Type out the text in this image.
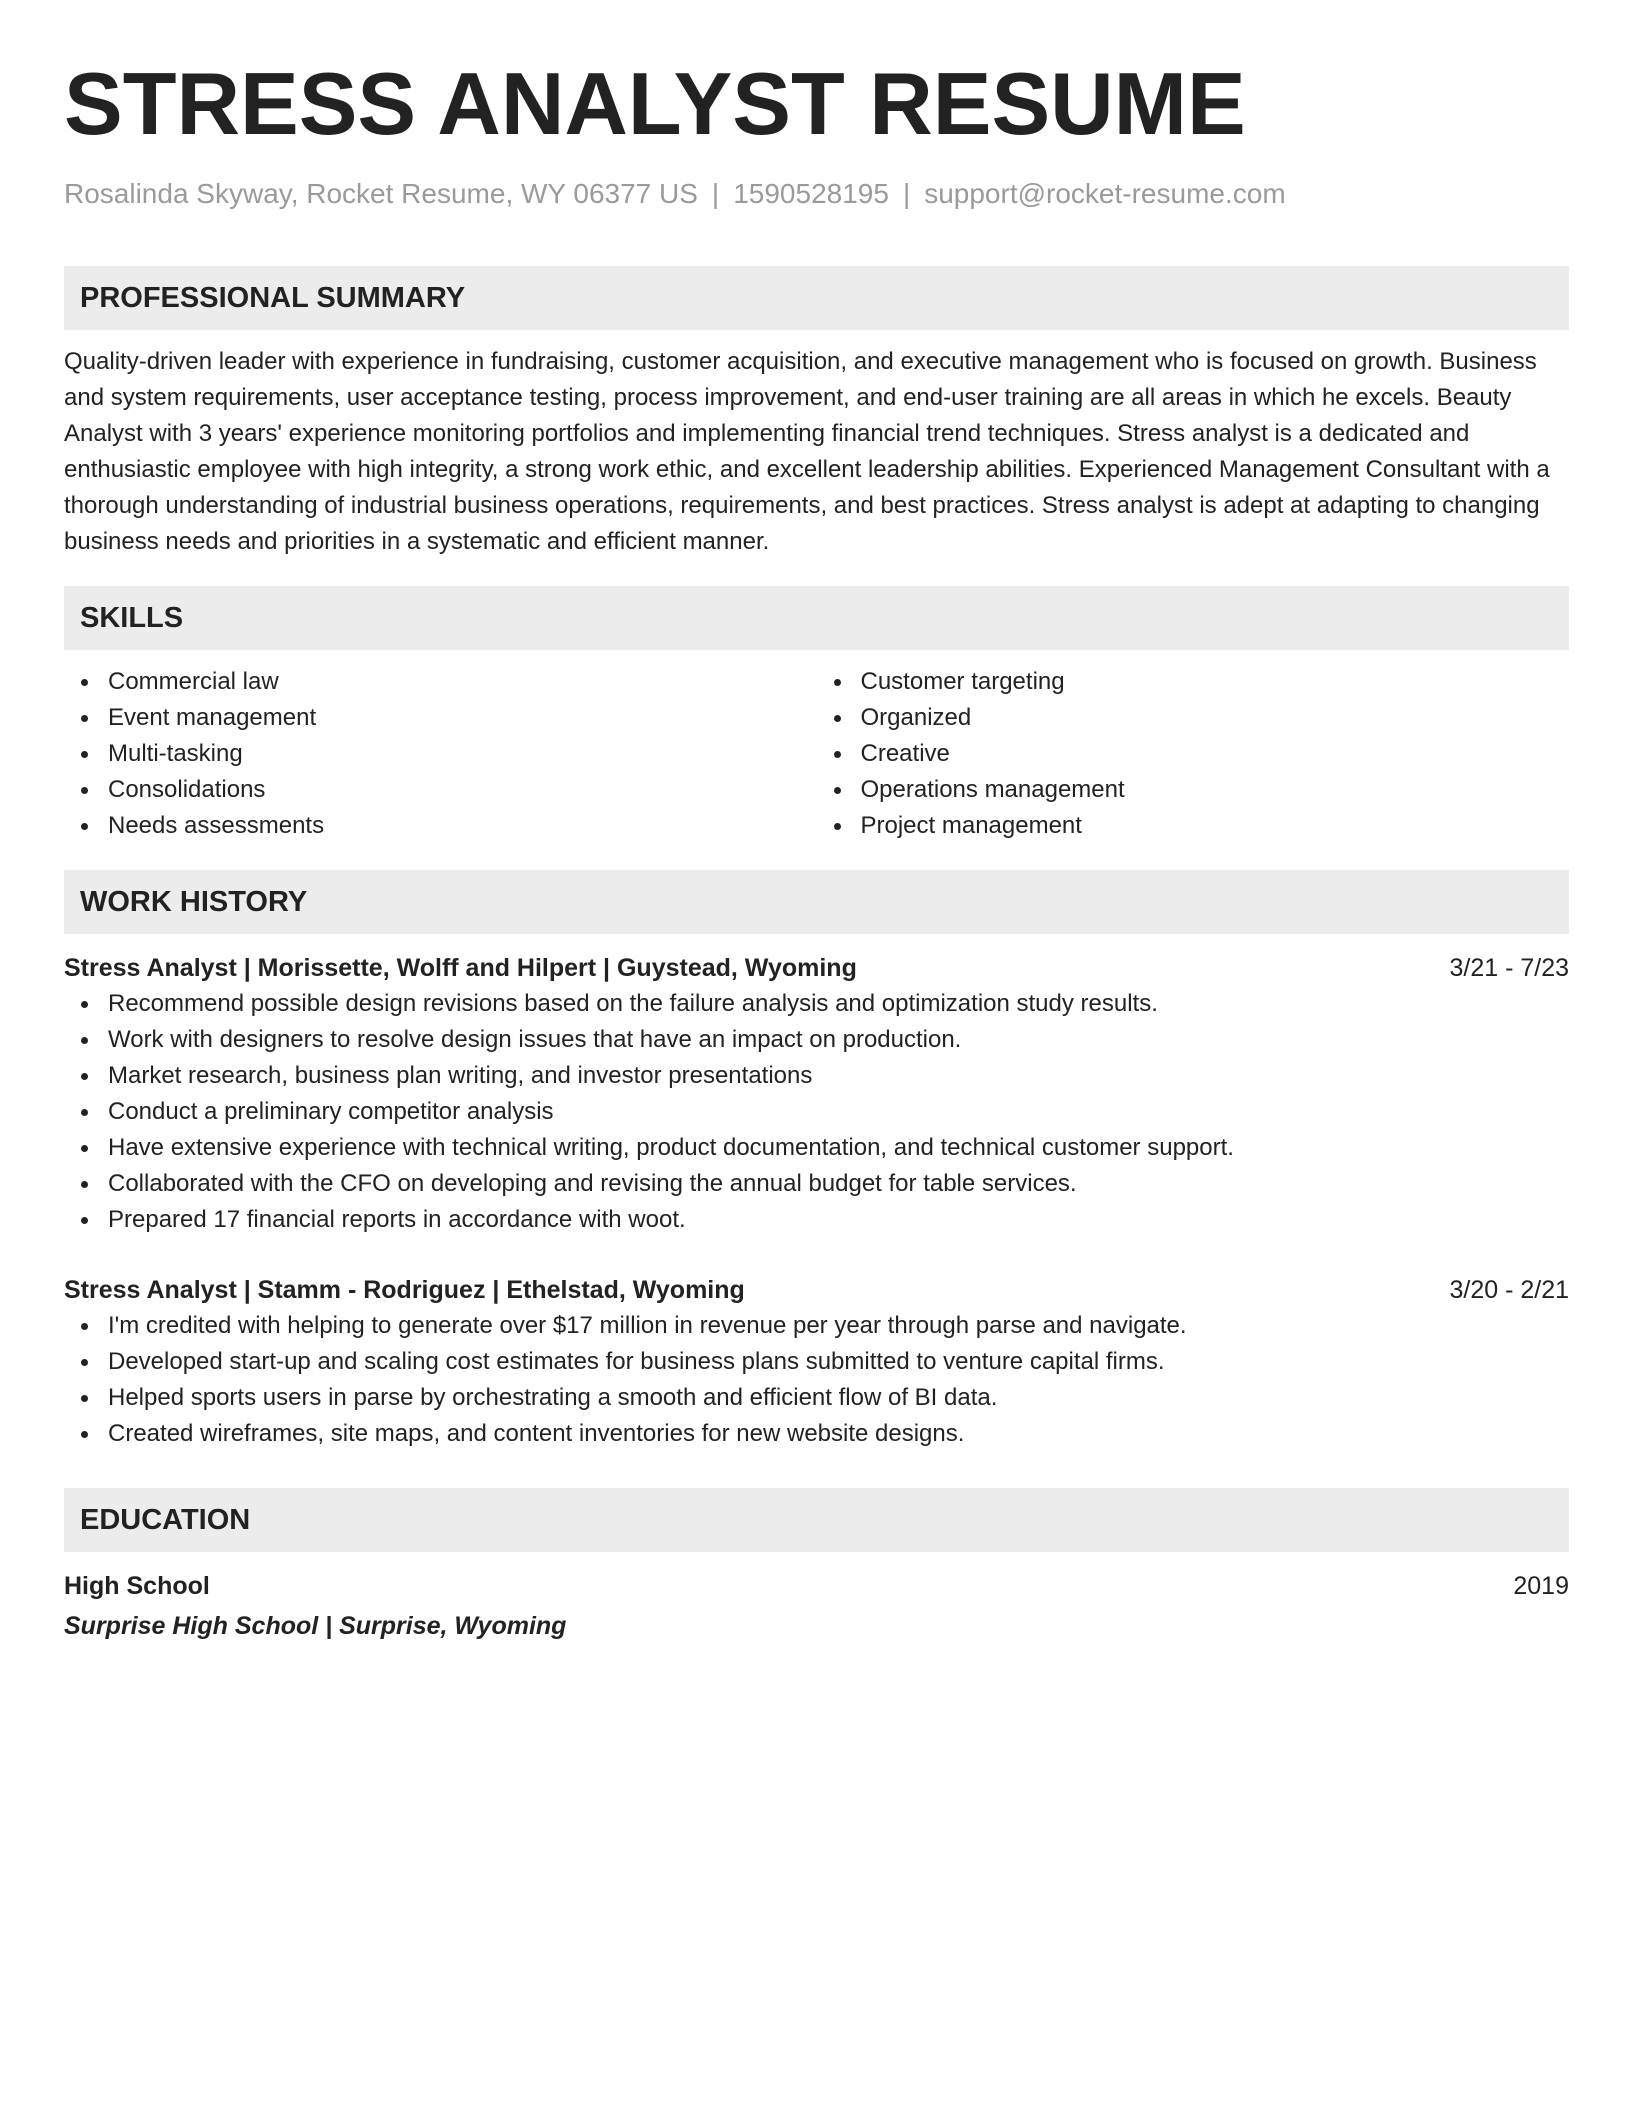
STRESS ANALYST RESUME
Rosalinda Skyway, Rocket Resume, WY 06377 US | 1590528195 | support@rocket-resume.com
PROFESSIONAL SUMMARY

Quality-driven leader with experience in fundraising, customer acquisition, and executive management who is focused on growth. Business and system requirements, user acceptance testing, process improvement, and end-user training are all areas in which he excels. Beauty Analyst with 3 years' experience monitoring portfolios and implementing financial trend techniques. Stress analyst is a dedicated and enthusiastic employee with high integrity, a strong work ethic, and excellent leadership abilities. Experienced Management Consultant with a thorough understanding of industrial business operations, requirements, and best practices. Stress analyst is adept at adapting to changing business needs and priorities in a systematic and efficient manner.

SKILLS
Commercial law
Event management
Multi-tasking
Consolidations
Needs assessments
Customer targeting
Organized
Creative
Operations management
Project management
WORK HISTORY
Stress Analyst | Morissette, Wolff and Hilpert | Guystead, Wyoming	3/21 - 7/23
Recommend possible design revisions based on the failure analysis and optimization study results.
Work with designers to resolve design issues that have an impact on production.
Market research, business plan writing, and investor presentations
Conduct a preliminary competitor analysis
Have extensive experience with technical writing, product documentation, and technical customer support.
Collaborated with the CFO on developing and revising the annual budget for table services.
Prepared 17 financial reports in accordance with woot.
Stress Analyst | Stamm - Rodriguez | Ethelstad, Wyoming	3/20 - 2/21
I'm credited with helping to generate over $17 million in revenue per year through parse and navigate.
Developed start-up and scaling cost estimates for business plans submitted to venture capital firms.
Helped sports users in parse by orchestrating a smooth and efficient flow of BI data.
Created wireframes, site maps, and content inventories for new website designs.
EDUCATION
High School	2019
Surprise High School | Surprise, Wyoming
